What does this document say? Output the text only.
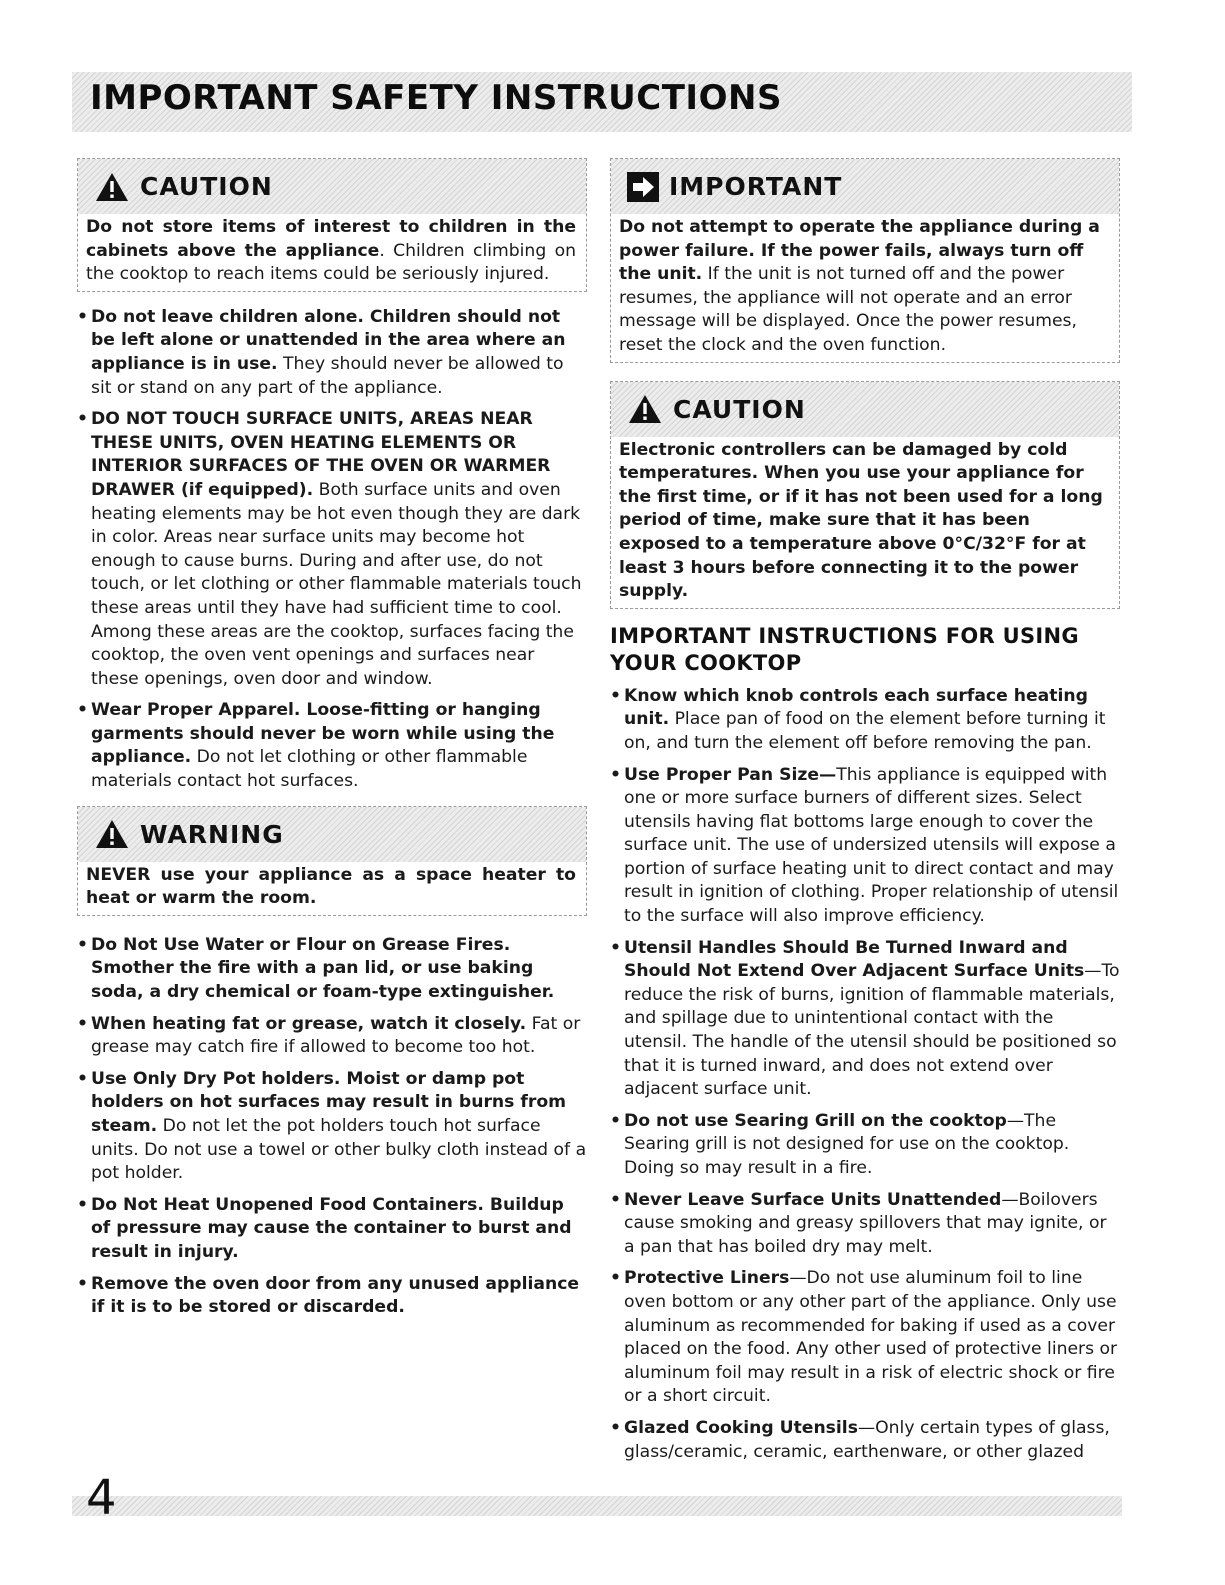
IMPORTANT SAFETY INSTRUCTIONS
CAUTION
Do not store items of interest to children in the cabinets above the appliance. Children climbing on the cooktop to reach items could be seriously injured.
• Do not leave children alone. Children should not be left alone or unattended in the area where an appliance is in use. They should never be allowed to sit or stand on any part of the appliance.
• DO NOT TOUCH SURFACE UNITS, AREAS NEAR THESE UNITS, OVEN HEATING ELEMENTS OR INTERIOR SURFACES OF THE OVEN OR WARMER DRAWER (if equipped). Both surface units and oven heating elements may be hot even though they are dark in color. Areas near surface units may become hot enough to cause burns. During and after use, do not touch, or let clothing or other flammable materials touch these areas until they have had sufficient time to cool. Among these areas are the cooktop, surfaces facing the cooktop, the oven vent openings and surfaces near these openings, oven door and window.
• Wear Proper Apparel. Loose-fitting or hanging garments should never be worn while using the appliance. Do not let clothing or other flammable materials contact hot surfaces.
WARNING
NEVER use your appliance as a space heater to heat or warm the room.
• Do Not Use Water or Flour on Grease Fires. Smother the fire with a pan lid, or use baking soda, a dry chemical or foam-type extinguisher.
• When heating fat or grease, watch it closely. Fat or grease may catch fire if allowed to become too hot.
• Use Only Dry Pot holders. Moist or damp pot holders on hot surfaces may result in burns from steam. Do not let the pot holders touch hot surface units. Do not use a towel or other bulky cloth instead of a pot holder.
• Do Not Heat Unopened Food Containers. Buildup of pressure may cause the container to burst and result in injury.
• Remove the oven door from any unused appliance if it is to be stored or discarded.
IMPORTANT
Do not attempt to operate the appliance during a power failure. If the power fails, always turn off the unit. If the unit is not turned off and the power resumes, the appliance will not operate and an error message will be displayed. Once the power resumes, reset the clock and the oven function.
CAUTION
Electronic controllers can be damaged by cold temperatures. When you use your appliance for the first time, or if it has not been used for a long period of time, make sure that it has been exposed to a temperature above 0°C/32°F for at least 3 hours before connecting it to the power supply.
IMPORTANT INSTRUCTIONS FOR USING YOUR COOKTOP
• Know which knob controls each surface heating unit. Place pan of food on the element before turning it on, and turn the element off before removing the pan.
• Use Proper Pan Size—This appliance is equipped with one or more surface burners of different sizes. Select utensils having flat bottoms large enough to cover the surface unit. The use of undersized utensils will expose a portion of surface heating unit to direct contact and may result in ignition of clothing. Proper relationship of utensil to the surface will also improve efficiency.
• Utensil Handles Should Be Turned Inward and Should Not Extend Over Adjacent Surface Units—To reduce the risk of burns, ignition of flammable materials, and spillage due to unintentional contact with the utensil. The handle of the utensil should be positioned so that it is turned inward, and does not extend over adjacent surface unit.
• Do not use Searing Grill on the cooktop—The Searing grill is not designed for use on the cooktop. Doing so may result in a fire.
• Never Leave Surface Units Unattended—Boilovers cause smoking and greasy spillovers that may ignite, or a pan that has boiled dry may melt.
• Protective Liners—Do not use aluminum foil to line oven bottom or any other part of the appliance. Only use aluminum as recommended for baking if used as a cover placed on the food. Any other used of protective liners or aluminum foil may result in a risk of electric shock or fire or a short circuit.
• Glazed Cooking Utensils—Only certain types of glass, glass/ceramic, ceramic, earthenware, or other glazed
4
